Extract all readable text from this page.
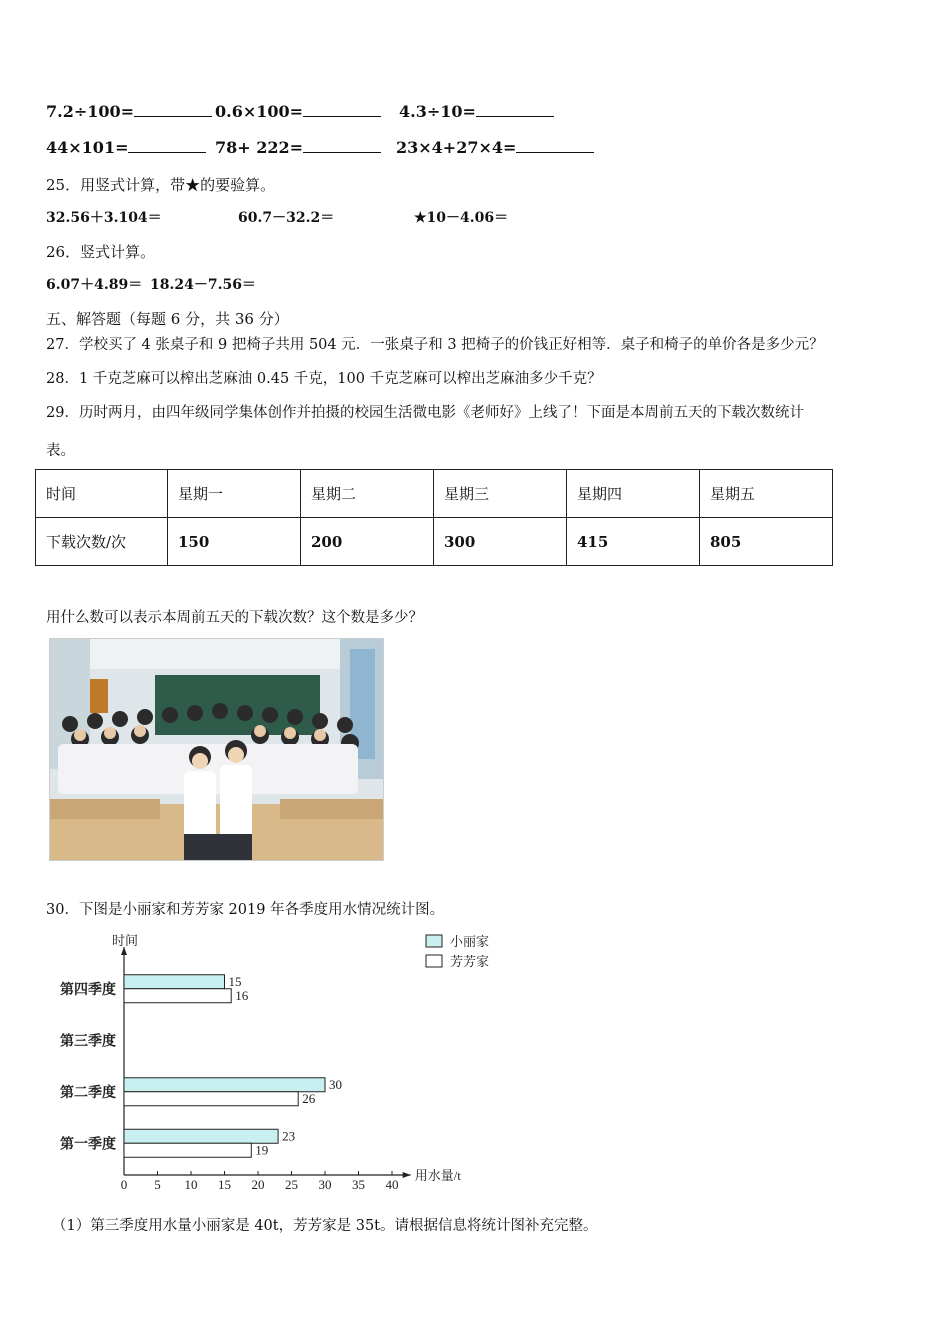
7.2÷100=	0.6×100=	4.3÷10=
44×101=	78+ 222=	23×4+27×4=
25．用竖式计算，带★的要验算。
32.56＋3.104＝	60.7－32.2＝	★10－4.06＝
26．竖式计算。
6.07＋4.89＝ 18.24－7.56＝
五、解答题（每题 6 分，共 36 分）
27．学校买了 4 张桌子和 9 把椅子共用 504 元．一张桌子和 3 把椅子的价钱正好相等．桌子和椅子的单价各是多少元？
28．1 千克芝麻可以榨出芝麻油 0.45 千克，100 千克芝麻可以榨出芝麻油多少千克？
29．历时两月，由四年级同学集体创作并拍摄的校园生活微电影《老师好》上线了！下面是本周前五天的下载次数统计
表。
时间	星期一	星期二	星期三	星期四	星期五
下载次数/次	150	200	300	415	805
用什么数可以表示本周前五天的下载次数？这个数是多少？
30．下图是小丽家和芳芳家 2019 年各季度用水情况统计图。
时间
用水量/t
0 5 10 15 20 25 30 35 40
第一季度
23
19
第二季度
30
26
第三季度
第四季度
15
16
小丽家
芳芳家
（1）第三季度用水量小丽家是 40t，芳芳家是 35t。请根据信息将统计图补充完整。
